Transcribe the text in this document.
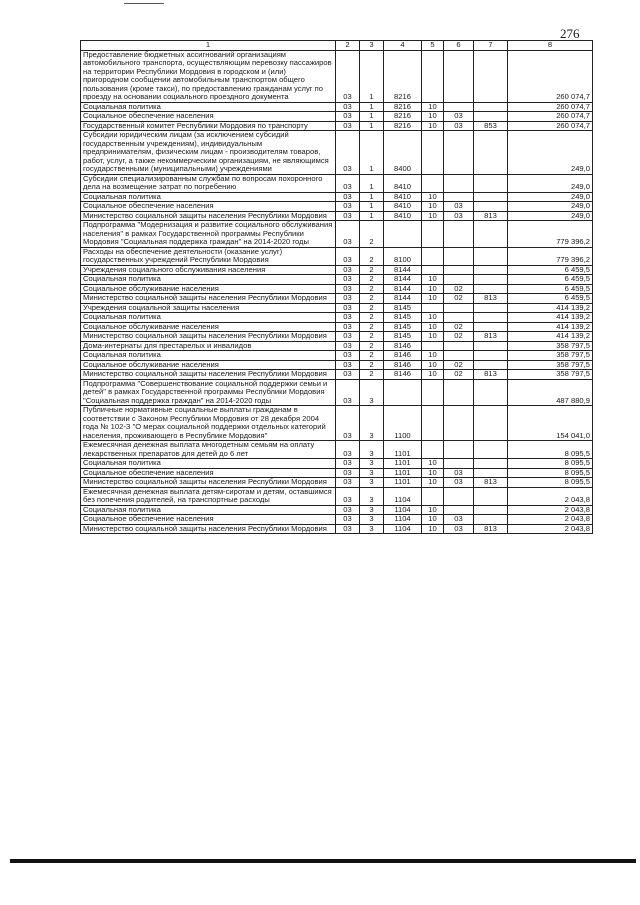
276
1	2	3	4	5	6	7	8
Предоставление бюджетных ассигнований организациям автомобильного транспорта, осуществляющим перевозку пассажиров на территории Республики Мордовия в городском и (или) пригородном сообщении автомобильным транспортом общего пользования (кроме такси), по предоставлению гражданам услуг по проезду на основании социального проездного документа	03	1	8216				260 074,7
Социальная политика	03	1	8216	10			260 074,7
Социальное обеспечение населения	03	1	8216	10	03		260 074,7
Государственный комитет Республики Мордовия по транспорту	03	1	8216	10	03	853	260 074,7
Субсидии юридическим лицам (за исключением субсидий государственным учреждениям), индивидуальным предпринимателям, физическим лицам - производителям товаров, работ, услуг, а также некоммерческим организациям, не являющимся государственными (муниципальными) учреждениями	03	1	8400				249,0
Субсидии специализированным службам по вопросам похоронного дела на возмещение затрат по погребению	03	1	8410				249,0
Социальная политика	03	1	8410	10			249,0
Социальное обеспечение населения	03	1	8410	10	03		249,0
Министерство социальной защиты населения Республики Мордовия	03	1	8410	10	03	813	249,0
Подпрограмма "Модернизация и развитие социального обслуживания населения" в рамках Государственной программы Республики Мордовия "Социальная поддержка граждан" на 2014-2020 годы	03	2					779 396,2
Расходы на обеспечение деятельности (оказание услуг) государственных учреждений Республики Мордовия	03	2	8100				779 396,2
Учреждения социального обслуживания населения	03	2	8144				6 459,5
Социальная политика	03	2	8144	10			6 459,5
Социальное обслуживание населения	03	2	8144	10	02		6 459,5
Министерство социальной защиты населения Республики Мордовия	03	2	8144	10	02	813	6 459,5
Учреждения социальной защиты населения	03	2	8145				414 139,2
Социальная политика	03	2	8145	10			414 139,2
Социальное обслуживание населения	03	2	8145	10	02		414 139,2
Министерство социальной защиты населения Республики Мордовия	03	2	8145	10	02	813	414 139,2
Дома-интернаты для престарелых и инвалидов	03	2	8146				358 797,5
Социальная политика	03	2	8146	10			358 797,5
Социальное обслуживание населения	03	2	8146	10	02		358 797,5
Министерство социальной защиты населения Республики Мордовия	03	2	8146	10	02	813	358 797,5
Подпрограмма "Совершенствование социальной поддержки семьи и детей" в рамках Государственной программы Республики Мордовия "Социальная поддержка граждан" на 2014-2020 годы	03	3					487 880,9
Публичные нормативные социальные выплаты гражданам в соответствии с Законом Республики Мордовия от 28 декабря 2004 года № 102-З "О мерах социальной поддержки отдельных категорий населения, проживающего в Республике Мордовия"	03	3	1100				154 041,0
Ежемесячная денежная выплата многодетным семьям на оплату лекарственных препаратов для детей до 6 лет	03	3	1101				8 095,5
Социальная политика	03	3	1101	10			8 095,5
Социальное обеспечение населения	03	3	1101	10	03		8 095,5
Министерство социальной защиты населения Республики Мордовия	03	3	1101	10	03	813	8 095,5
Ежемесячная денежная выплата детям-сиротам и детям, оставшимся без попечения родителей, на транспортные расходы	03	3	1104				2 043,8
Социальная политика	03	3	1104	10			2 043,8
Социальное обеспечение населения	03	3	1104	10	03		2 043,8
Министерство социальной защиты населения Республики Мордовия	03	3	1104	10	03	813	2 043,8
